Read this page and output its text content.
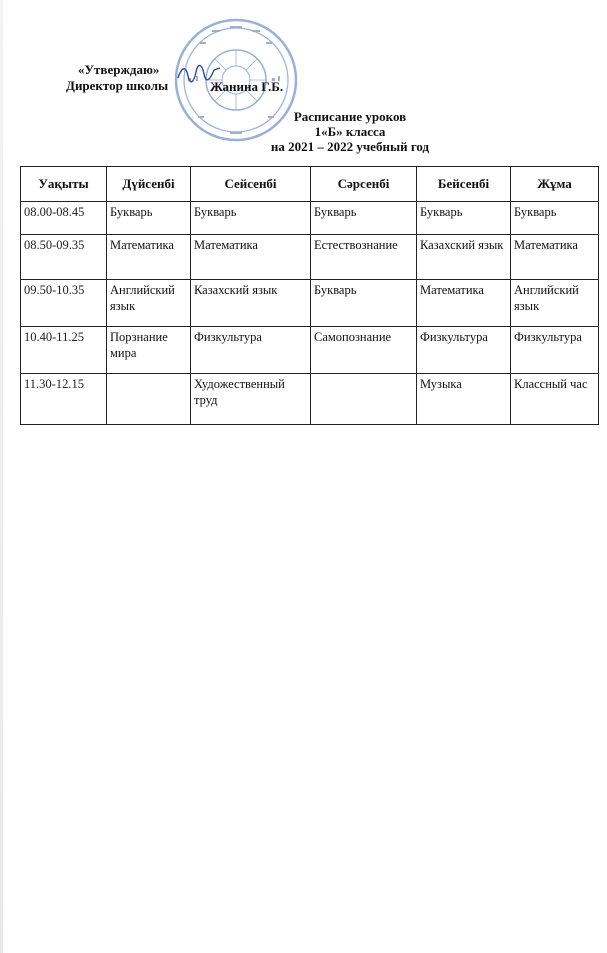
«Утверждаю»
Директор школы	Жанина Г.Б.
Расписание уроков
1«Б» класса
на 2021 – 2022 учебный год
Уақыты	Дүйсенбі	Сейсенбі	Сәрсенбі	Бейсенбі	Жұма
08.00-08.45	Букварь	Букварь	Букварь	Букварь	Букварь
08.50-09.35	Математика	Математика	Естествознание	Казахский язык	Математика
09.50-10.35	Английский язык	Казахский язык	Букварь	Математика	Английский язык
10.40-11.25	Порзнание мира	Физкультура	Самопознание	Физкультура	Физкультура
11.30-12.15		Художественный труд		Музыка	Классный час
